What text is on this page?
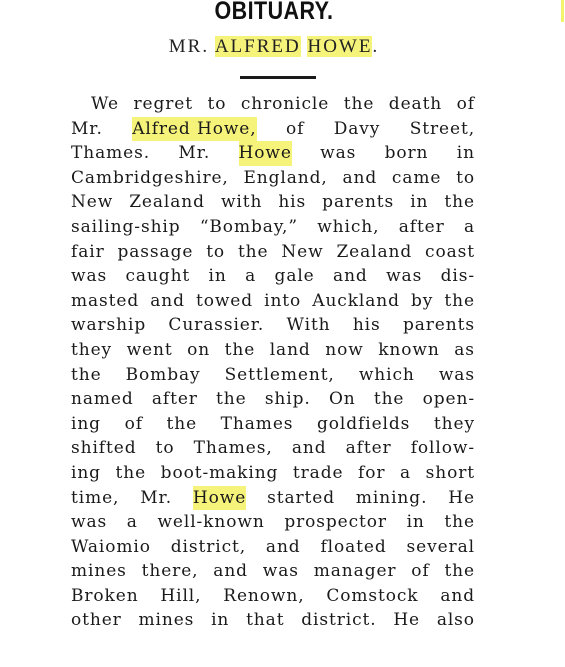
OBITUARY.
MR. ALFRED HOWE.
We regret to chronicle the death of
Mr. Alfred Howe, of Davy Street,
Thames. Mr. Howe was born in
Cambridgeshire, England, and came to
New Zealand with his parents in the
sailing-ship “Bombay,” which, after a
fair passage to the New Zealand coast
was caught in a gale and was dis-
masted and towed into Auckland by the
warship Curassier. With his parents
they went on the land now known as
the Bombay Settlement, which was
named after the ship. On the open-
ing of the Thames goldfields they
shifted to Thames, and after follow-
ing the boot-making trade for a short
time, Mr. Howe started mining. He
was a well-known prospector in the
Waiomio district, and floated several
mines there, and was manager of the
Broken Hill, Renown, Comstock and
other mines in that district. He also
